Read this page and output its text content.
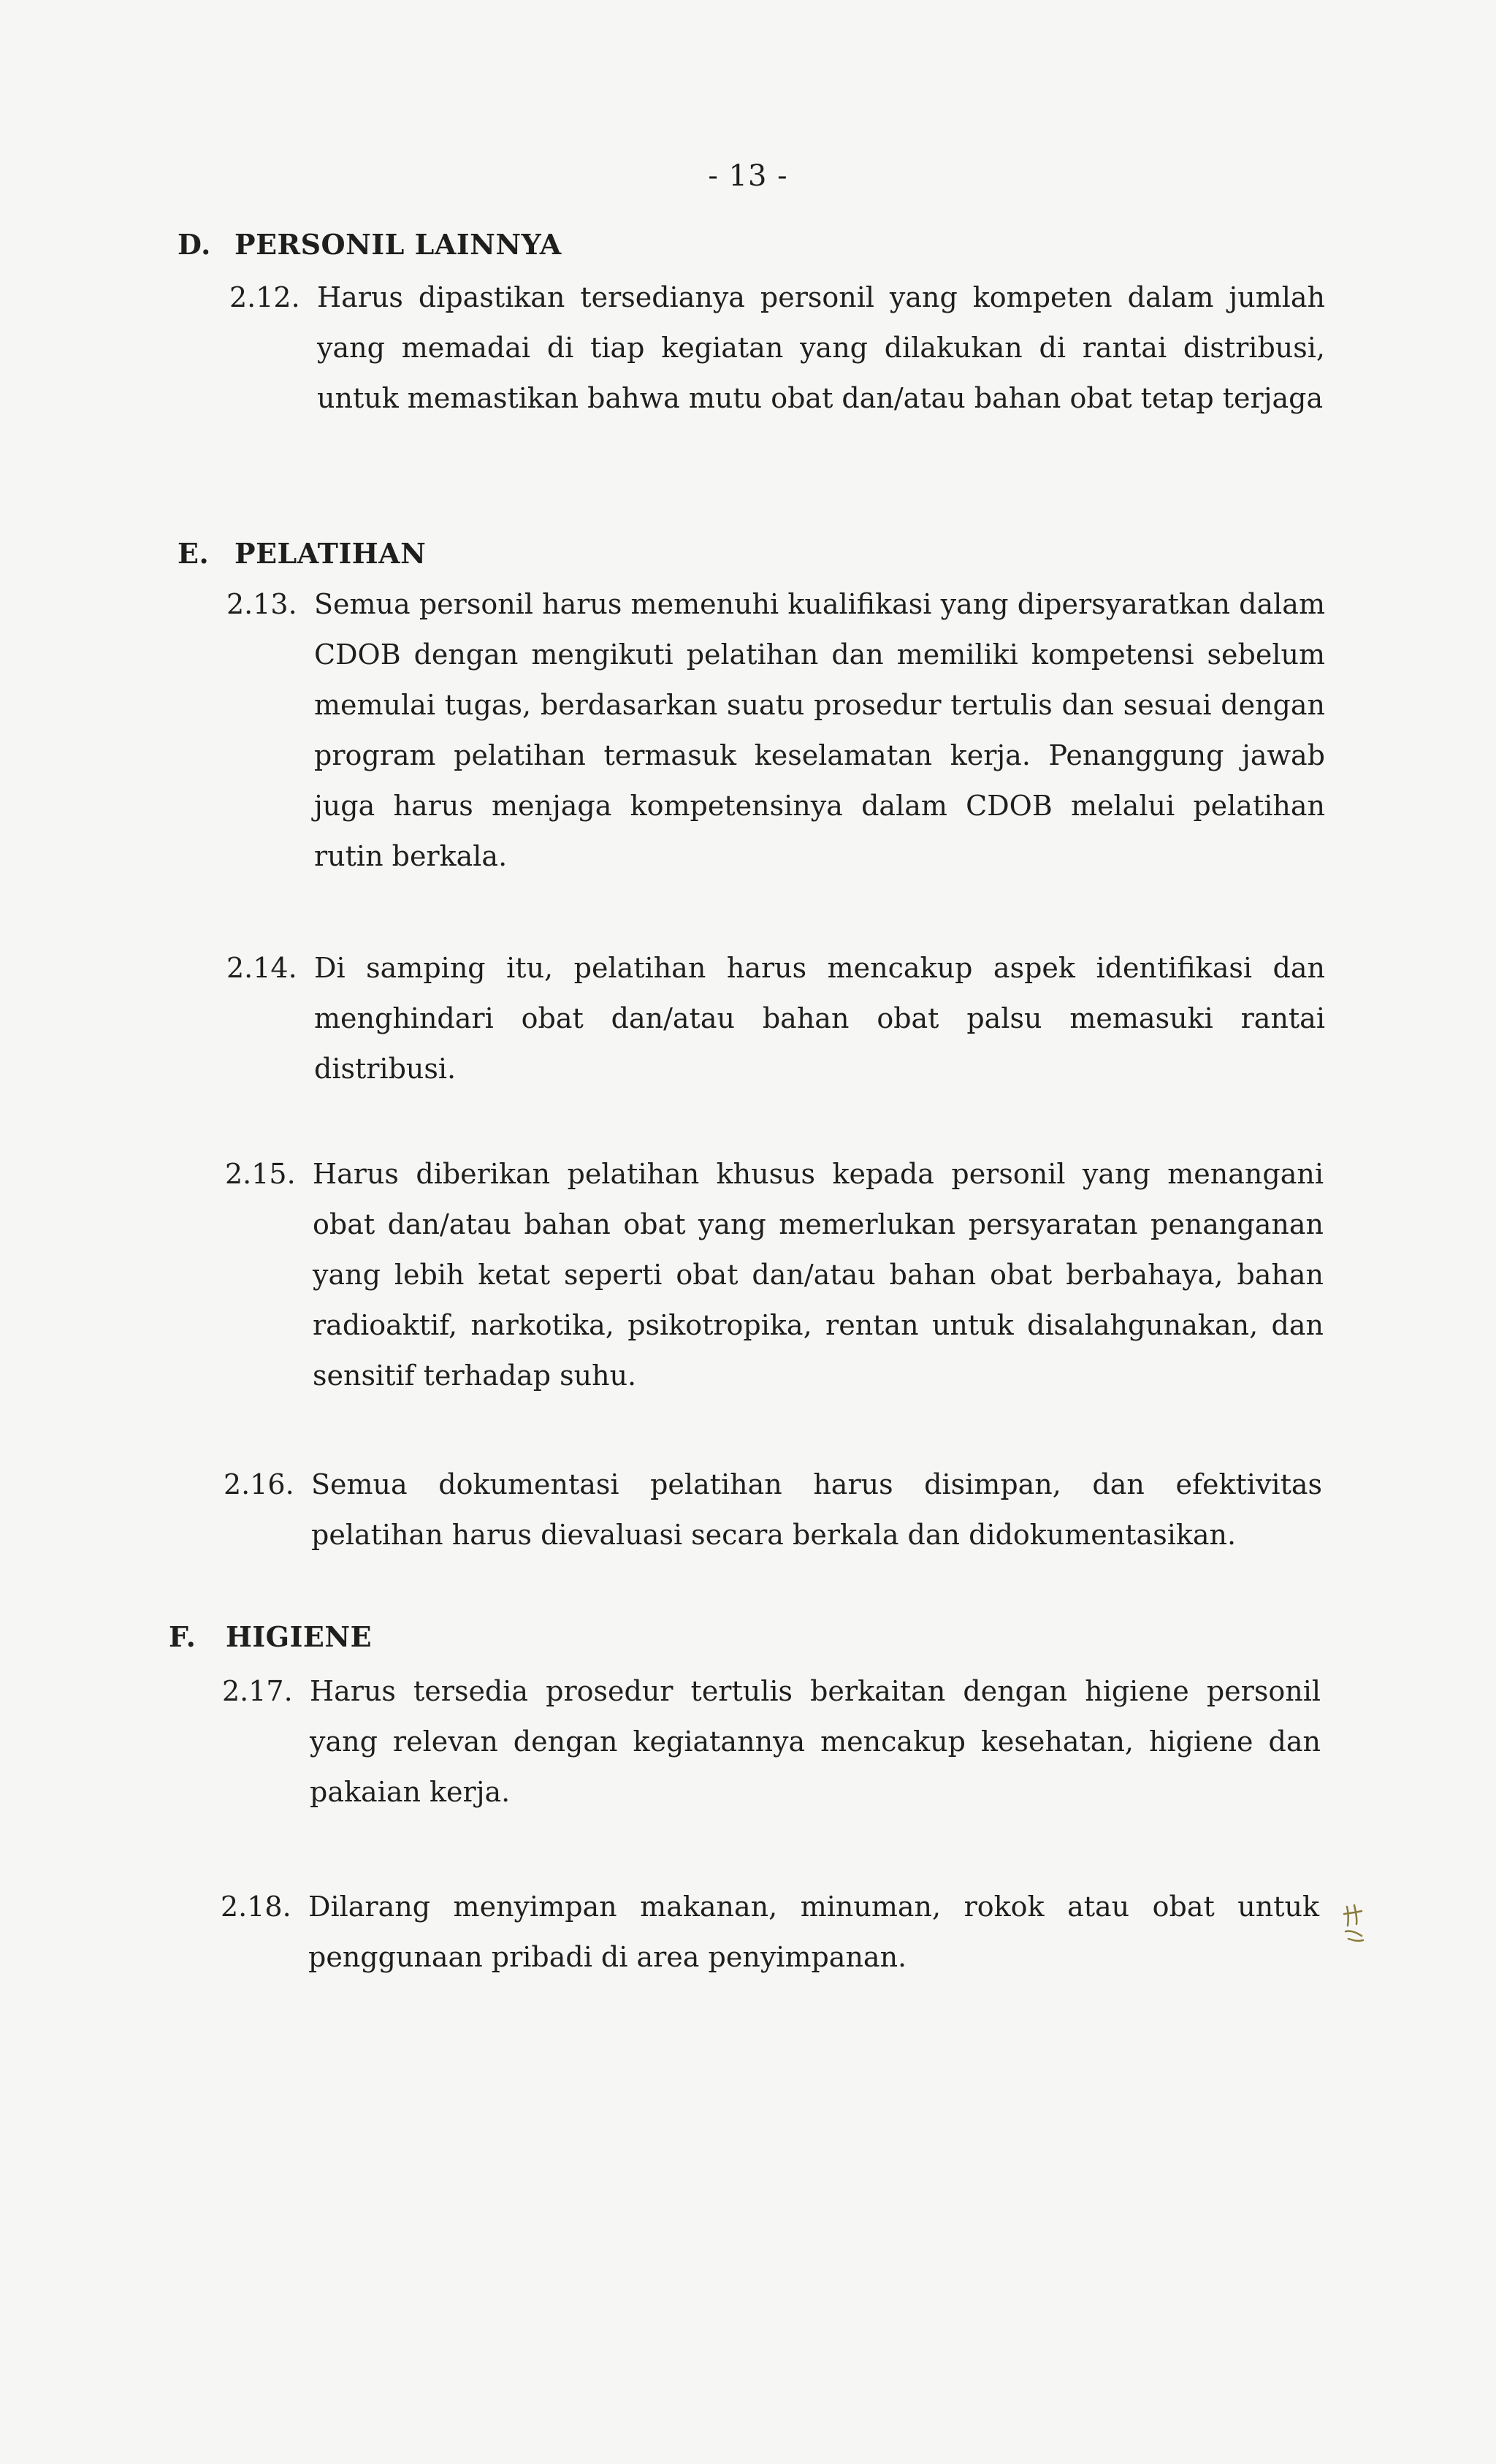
- 13 -
D. PERSONIL LAINNYA
2.12. Harus dipastikan tersedianya personil yang kompeten dalam jumlah yang memadai di tiap kegiatan yang dilakukan di rantai distribusi, untuk memastikan bahwa mutu obat dan/atau bahan obat tetap terjaga
E. PELATIHAN
2.13. Semua personil harus memenuhi kualifikasi yang dipersyaratkan dalam CDOB dengan mengikuti pelatihan dan memiliki kompetensi sebelum memulai tugas, berdasarkan suatu prosedur tertulis dan sesuai dengan program pelatihan termasuk keselamatan kerja. Penanggung jawab juga harus menjaga kompetensinya dalam CDOB melalui pelatihan rutin berkala.
2.14. Di samping itu, pelatihan harus mencakup aspek identifikasi dan menghindari obat dan/atau bahan obat palsu memasuki rantai distribusi.
2.15. Harus diberikan pelatihan khusus kepada personil yang menangani obat dan/atau bahan obat yang memerlukan persyaratan penanganan yang lebih ketat seperti obat dan/atau bahan obat berbahaya, bahan radioaktif, narkotika, psikotropika, rentan untuk disalahgunakan, dan sensitif terhadap suhu.
2.16. Semua dokumentasi pelatihan harus disimpan, dan efektivitas pelatihan harus dievaluasi secara berkala dan didokumentasikan.
F. HIGIENE
2.17. Harus tersedia prosedur tertulis berkaitan dengan higiene personil yang relevan dengan kegiatannya mencakup kesehatan, higiene dan pakaian kerja.
2.18. Dilarang menyimpan makanan, minuman, rokok atau obat untuk penggunaan pribadi di area penyimpanan.
